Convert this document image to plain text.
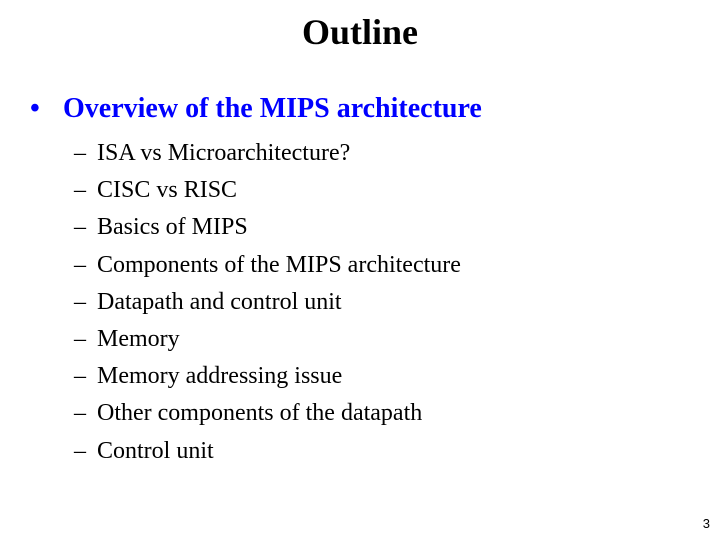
Outline
• Overview of the MIPS architecture
– ISA vs Microarchitecture?
– CISC vs RISC
– Basics of MIPS
– Components of the MIPS architecture
– Datapath and control unit
– Memory
– Memory addressing issue
– Other components of the datapath
– Control unit
3
